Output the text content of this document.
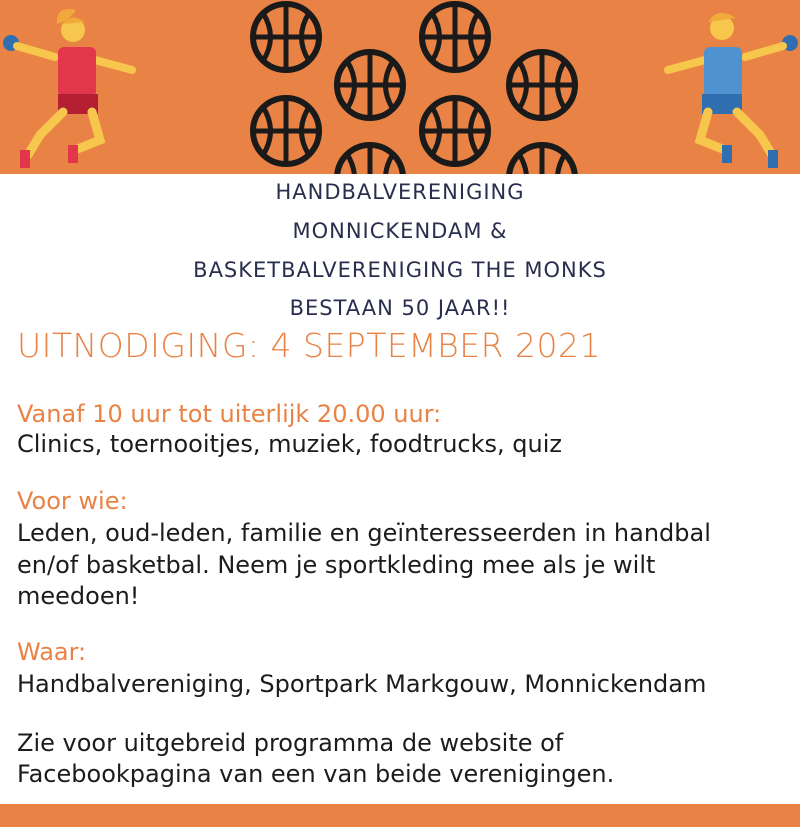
HANDBALVERENIGING
MONNICKENDAM &
BASKETBALVERENIGING THE MONKS
BESTAAN 50 JAAR!!
UITNODIGING: 4 SEPTEMBER 2021
Vanaf 10 uur tot uiterlijk 20.00 uur:
Clinics, toernooitjes, muziek, foodtrucks, quiz
Voor wie:
Leden, oud-leden, familie en geïnteresseerden in handbal
en/of basketbal. Neem je sportkleding mee als je wilt
meedoen!
Waar:
Handbalvereniging, Sportpark Markgouw, Monnickendam
Zie voor uitgebreid programma de website of
Facebookpagina van een van beide verenigingen.
